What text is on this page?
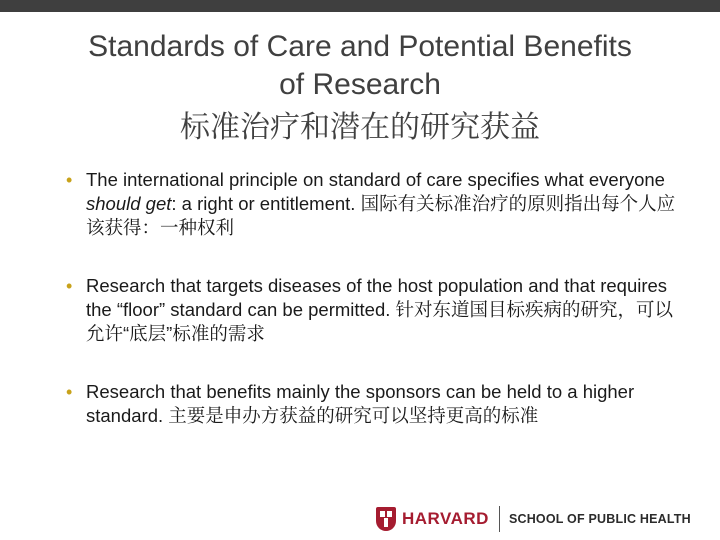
Standards of Care and Potential Benefits
of Research
标准治疗和潜在的研究获益
• The international principle on standard of care specifies what everyone should get: a right or entitlement. 国际有关标准治疗的原则指出每个人应该获得：一种权利
• Research that targets diseases of the host population and that requires the “floor” standard can be permitted. 针对东道国目标疾病的研究，可以允许“底层”标准的需求
• Research that benefits mainly the sponsors can be held to a higher standard. 主要是申办方获益的研究可以坚持更高的标准
HARVARD SCHOOL OF PUBLIC HEALTH
